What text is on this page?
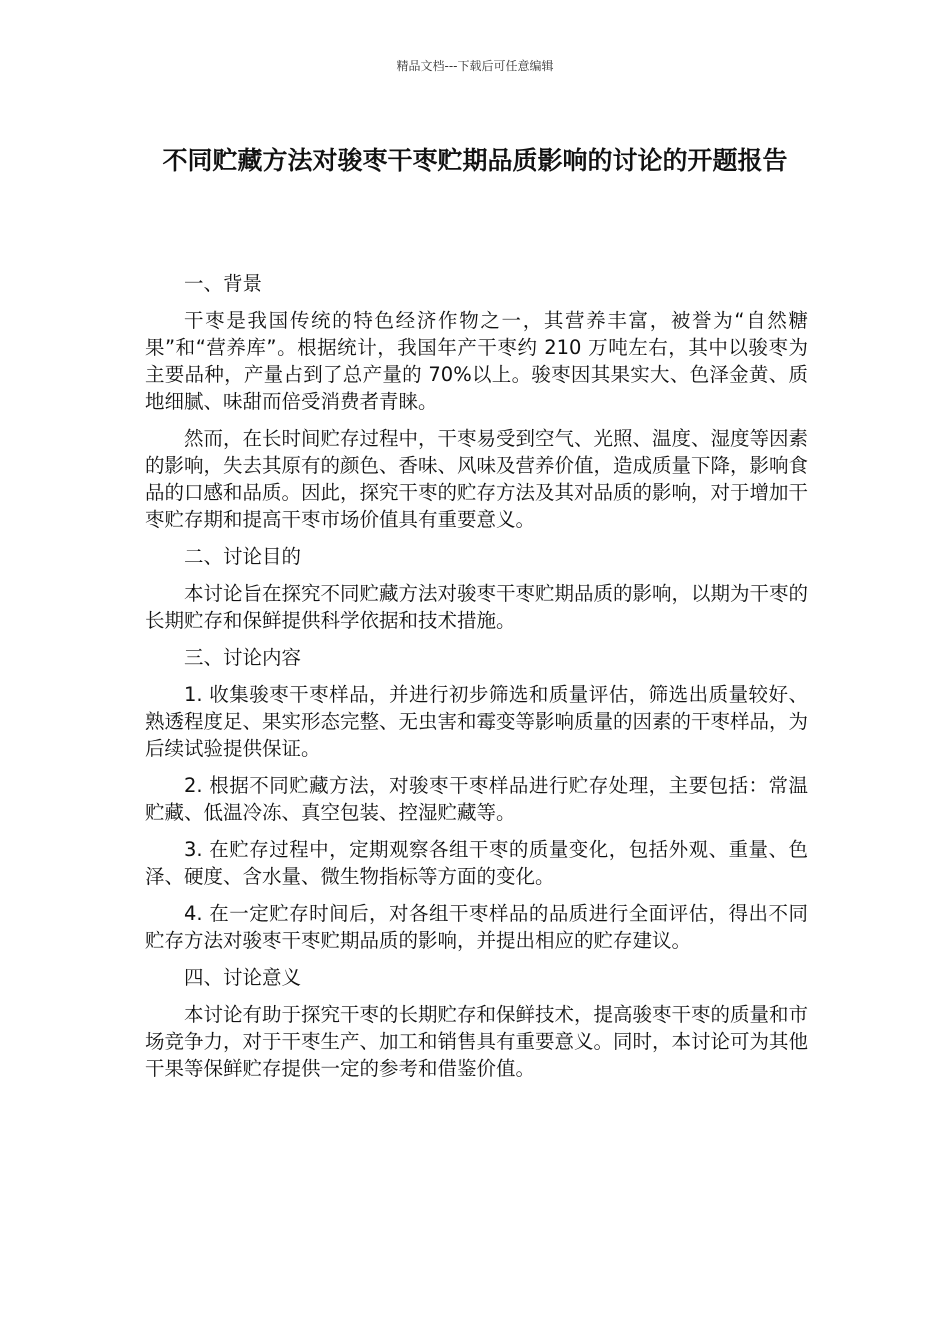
精品文档---下载后可任意编辑
不同贮藏方法对骏枣干枣贮期品质影响的讨论的开题报告

一、背景

干枣是我国传统的特色经济作物之一，其营养丰富，被誉为“自然糖果”和“营养库”。根据统计，我国年产干枣约 210 万吨左右，其中以骏枣为主要品种，产量占到了总产量的 70%以上。骏枣因其果实大、色泽金黄、质地细腻、味甜而倍受消费者青睐。

然而，在长时间贮存过程中，干枣易受到空气、光照、温度、湿度等因素的影响，失去其原有的颜色、香味、风味及营养价值，造成质量下降，影响食品的口感和品质。因此，探究干枣的贮存方法及其对品质的影响，对于增加干枣贮存期和提高干枣市场价值具有重要意义。

二、讨论目的

本讨论旨在探究不同贮藏方法对骏枣干枣贮期品质的影响，以期为干枣的长期贮存和保鲜提供科学依据和技术措施。

三、讨论内容

1. 收集骏枣干枣样品，并进行初步筛选和质量评估，筛选出质量较好、熟透程度足、果实形态完整、无虫害和霉变等影响质量的因素的干枣样品，为后续试验提供保证。

2. 根据不同贮藏方法，对骏枣干枣样品进行贮存处理，主要包括：常温贮藏、低温冷冻、真空包装、控湿贮藏等。

3. 在贮存过程中，定期观察各组干枣的质量变化，包括外观、重量、色泽、硬度、含水量、微生物指标等方面的变化。

4. 在一定贮存时间后，对各组干枣样品的品质进行全面评估，得出不同贮存方法对骏枣干枣贮期品质的影响，并提出相应的贮存建议。

四、讨论意义

本讨论有助于探究干枣的长期贮存和保鲜技术，提高骏枣干枣的质量和市场竞争力，对于干枣生产、加工和销售具有重要意义。同时，本讨论可为其他干果等保鲜贮存提供一定的参考和借鉴价值。
